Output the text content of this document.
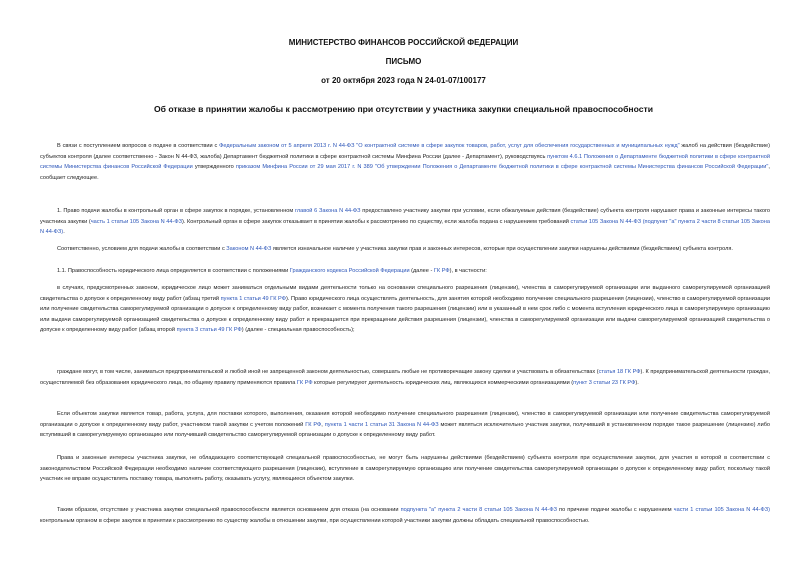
МИНИСТЕРСТВО ФИНАНСОВ РОССИЙСКОЙ ФЕДЕРАЦИИ
ПИСЬМО
от 20 октября 2023 года N 24-01-07/100177
Об отказе в принятии жалобы к рассмотрению при отсутствии у участника закупки специальной правоспособности

В связи с поступлением вопросов о подаче в соответствии с Федеральным законом от 5 апреля 2013 г. N 44-ФЗ "О контрактной системе в сфере закупок товаров, работ, услуг для обеспечения государственных и муниципальных нужд" жалоб на действия (бездействие) субъектов контроля (далее соответственно - Закон N 44-ФЗ, жалоба) Департамент бюджетной политики в сфере контрактной системы Минфина России (далее - Департамент), руководствуясь пунктом 4.6.1 Положения о Департаменте бюджетной политики в сфере контрактной системы Министерства финансов Российской Федерации утвержденного приказом Минфина России от 29 мая 2017 г. N 389 "Об утверждении Положения о Департаменте бюджетной политики в сфере контрактной системы Министерства финансов Российской Федерации", сообщает следующее.

1. Право подачи жалобы в контрольный орган в сфере закупок в порядке, установленном главой 6 Закона N 44-ФЗ предоставлено участнику закупки при условии, если обжалуемые действия (бездействие) субъекта контроля нарушают права и законные интересы такого участника закупки (часть 1 статьи 105 Закона N 44-ФЗ). Контрольный орган в сфере закупок отказывает в принятии жалобы к рассмотрению по существу, если жалоба подана с нарушением требований статьи 105 Закона N 44-ФЗ (подпункт "а" пункта 2 части 8 статьи 105 Закона N 44-ФЗ).

Соответственно, условием для подачи жалобы в соответствии с Законом N 44-ФЗ является изначальное наличие у участника закупки прав и законных интересов, которые при осуществлении закупки нарушены действиями (бездействием) субъекта контроля.

1.1. Правоспособность юридического лица определяется в соответствии с положениями Гражданского кодекса Российской Федерации (далее - ГК РФ), в частности:

в случаях, предусмотренных законом, юридическое лицо может заниматься отдельными видами деятельности только на основании специального разрешения (лицензии), членства в саморегулируемой организации или выданного саморегулируемой организацией свидетельства о допуске к определенному виду работ (абзац третий пункта 1 статьи 49 ГК РФ). Право юридического лица осуществлять деятельность, для занятия которой необходимо получение специального разрешения (лицензии), членство в саморегулируемой организации или получение свидетельства саморегулируемой организации о допуске к определенному виду работ, возникает с момента получения такого разрешения (лицензии) или в указанный в нем срок либо с момента вступления юридического лица в саморегулируемую организацию или выдачи саморегулируемой организацией свидетельства о допуске к определенному виду работ и прекращается при прекращении действия разрешения (лицензии), членства в саморегулируемой организации или выдачи саморегулируемой организацией свидетельства о допуске к определенному виду работ (абзац второй пункта 3 статьи 49 ГК РФ) (далее - специальная правоспособность);

граждане могут, в том числе, заниматься предпринимательской и любой иной не запрещенной законом деятельностью, совершать любые не противоречащие закону сделки и участвовать в обязательствах (статья 18 ГК РФ). К предпринимательской деятельности граждан, осуществляемой без образования юридического лица, по общему правилу применяются правила ГК РФ которые регулируют деятельность юридических лиц, являющихся коммерческими организациями (пункт 3 статьи 23 ГК РФ).

Если объектом закупки является товар, работа, услуга, для поставки которого, выполнения, оказания которой необходимо получение специального разрешения (лицензии), членство в саморегулируемой организации или получение свидетельства саморегулируемой организации о допуске к определенному виду работ, участником такой закупки с учетом положений ГК РФ, пункта 1 части 1 статьи 31 Закона N 44-ФЗ может являться исключительно участник закупки, получивший в установленном порядке такое разрешение (лицензию) либо вступивший в саморегулируемую организацию или получивший свидетельство саморегулируемой организации о допуске к определенному виду работ.

Права и законные интересы участника закупки, не обладающего соответствующей специальной правоспособностью, не могут быть нарушены действиями (бездействием) субъекта контроля при осуществлении закупки, для участия в которой в соответствии с законодательством Российской Федерации необходимо наличие соответствующего разрешения (лицензии), вступление в саморегулируемую организацию или получение свидетельства саморегулируемой организации о допуске к определенному виду работ, поскольку такой участник не вправе осуществлять поставку товара, выполнять работу, оказывать услугу, являющиеся объектом закупки.

Таким образом, отсутствие у участника закупки специальной правоспособности является основанием для отказа (на основании подпункта "а" пункта 2 части 8 статьи 105 Закона N 44-ФЗ по причине подачи жалобы с нарушением части 1 статьи 105 Закона N 44-ФЗ) контрольным органом в сфере закупок в принятии к рассмотрению по существу жалобы в отношении закупки, при осуществлении которой участники закупки должны обладать специальной правоспособностью.
